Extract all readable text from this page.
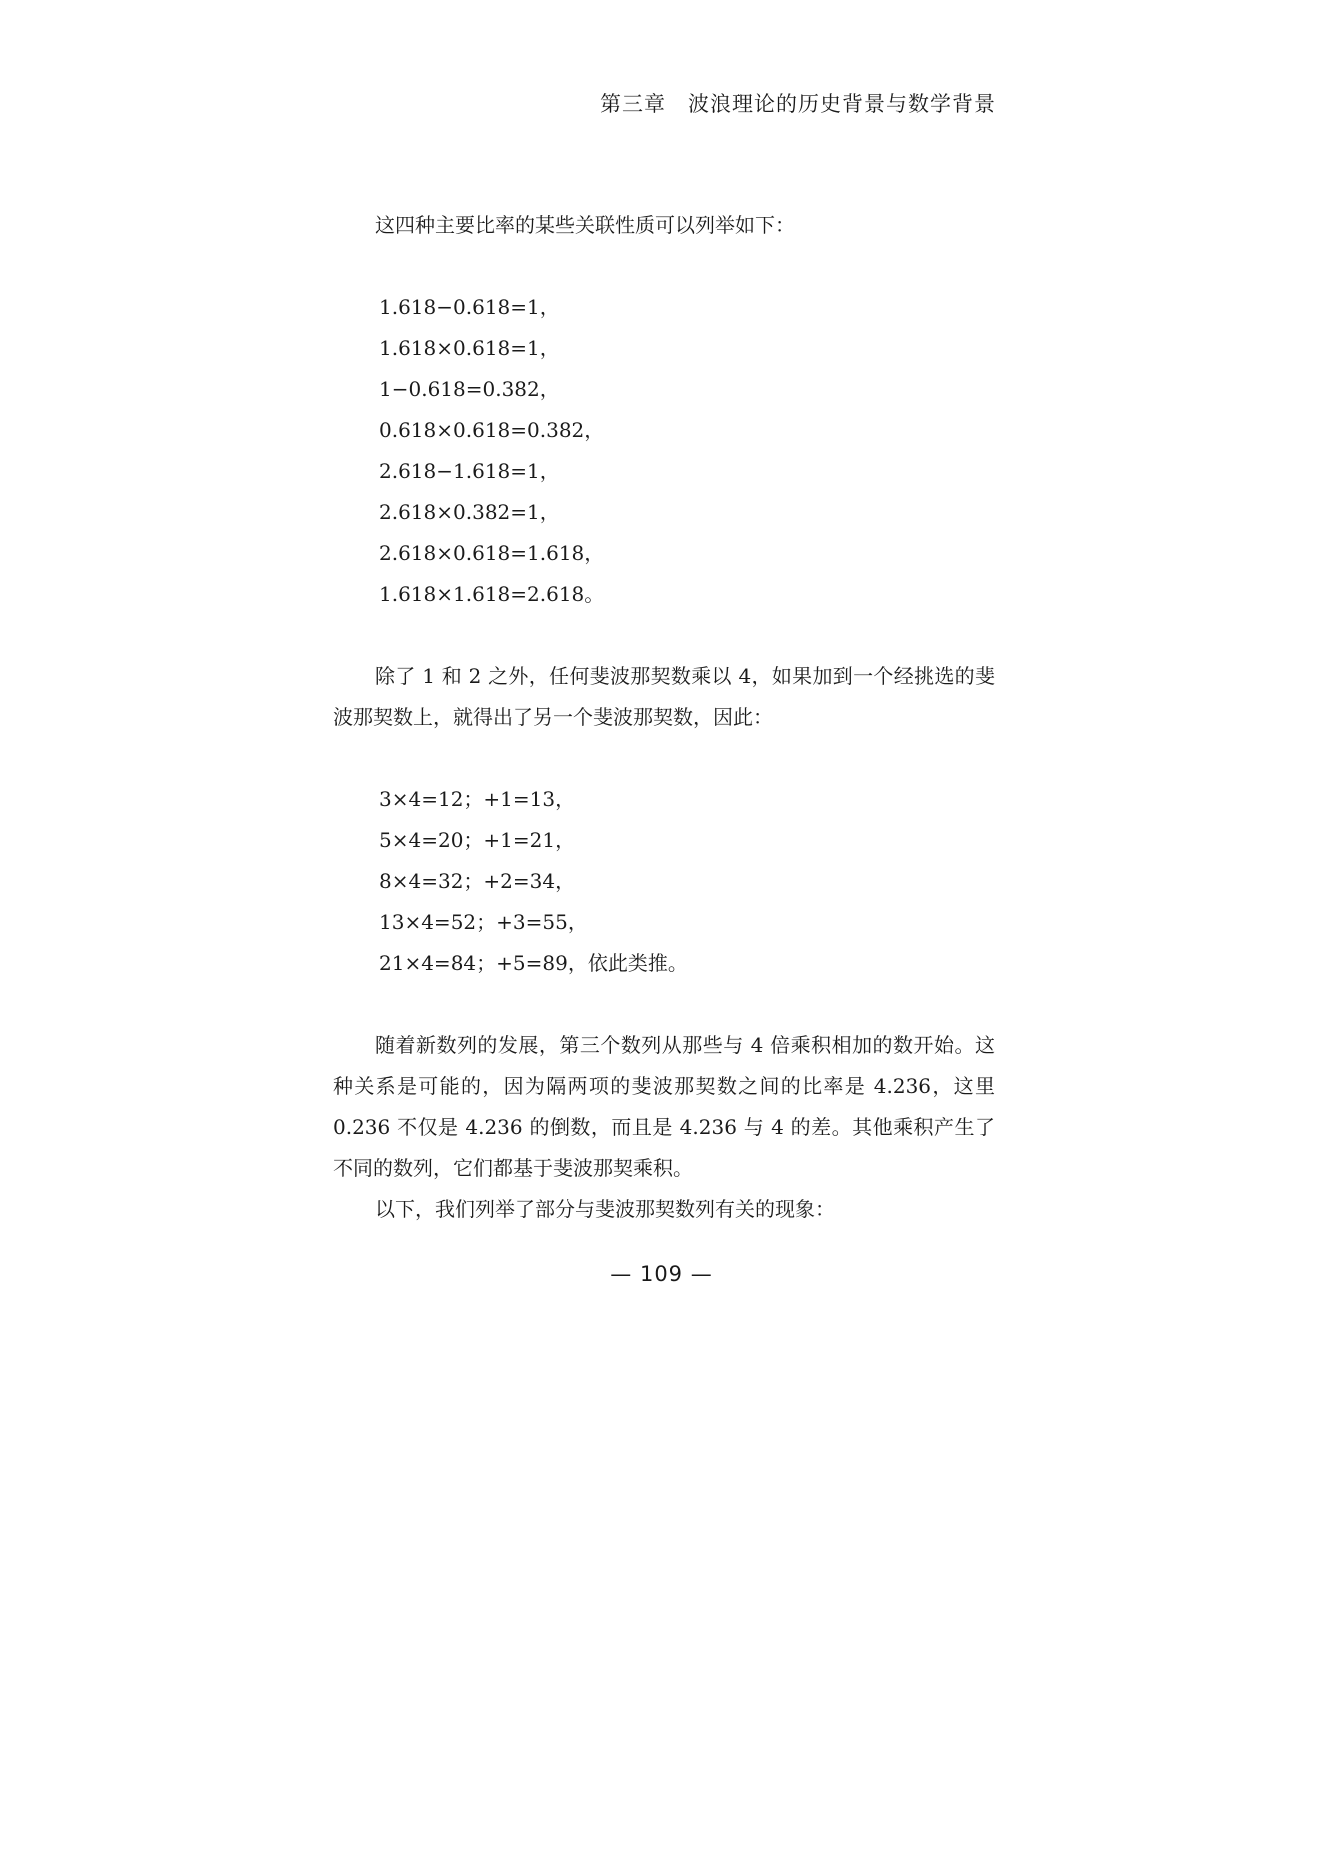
第三章　波浪理论的历史背景与数学背景

这四种主要比率的某些关联性质可以列举如下：

1.618−0.618=1，
1.618×0.618=1，
1−0.618=0.382，
0.618×0.618=0.382，
2.618−1.618=1，
2.618×0.382=1，
2.618×0.618=1.618，
1.618×1.618=2.618。

除了 1 和 2 之外，任何斐波那契数乘以 4，如果加到一个经挑选的斐波那契数上，就得出了另一个斐波那契数，因此：

3×4=12；+1=13，
5×4=20；+1=21，
8×4=32；+2=34，
13×4=52；+3=55，
21×4=84；+5=89，依此类推。

随着新数列的发展，第三个数列从那些与 4 倍乘积相加的数开始。这种关系是可能的，因为隔两项的斐波那契数之间的比率是 4.236，这里 0.236 不仅是 4.236 的倒数，而且是 4.236 与 4 的差。其他乘积产生了不同的数列，它们都基于斐波那契乘积。

以下，我们列举了部分与斐波那契数列有关的现象：

— 109 —
